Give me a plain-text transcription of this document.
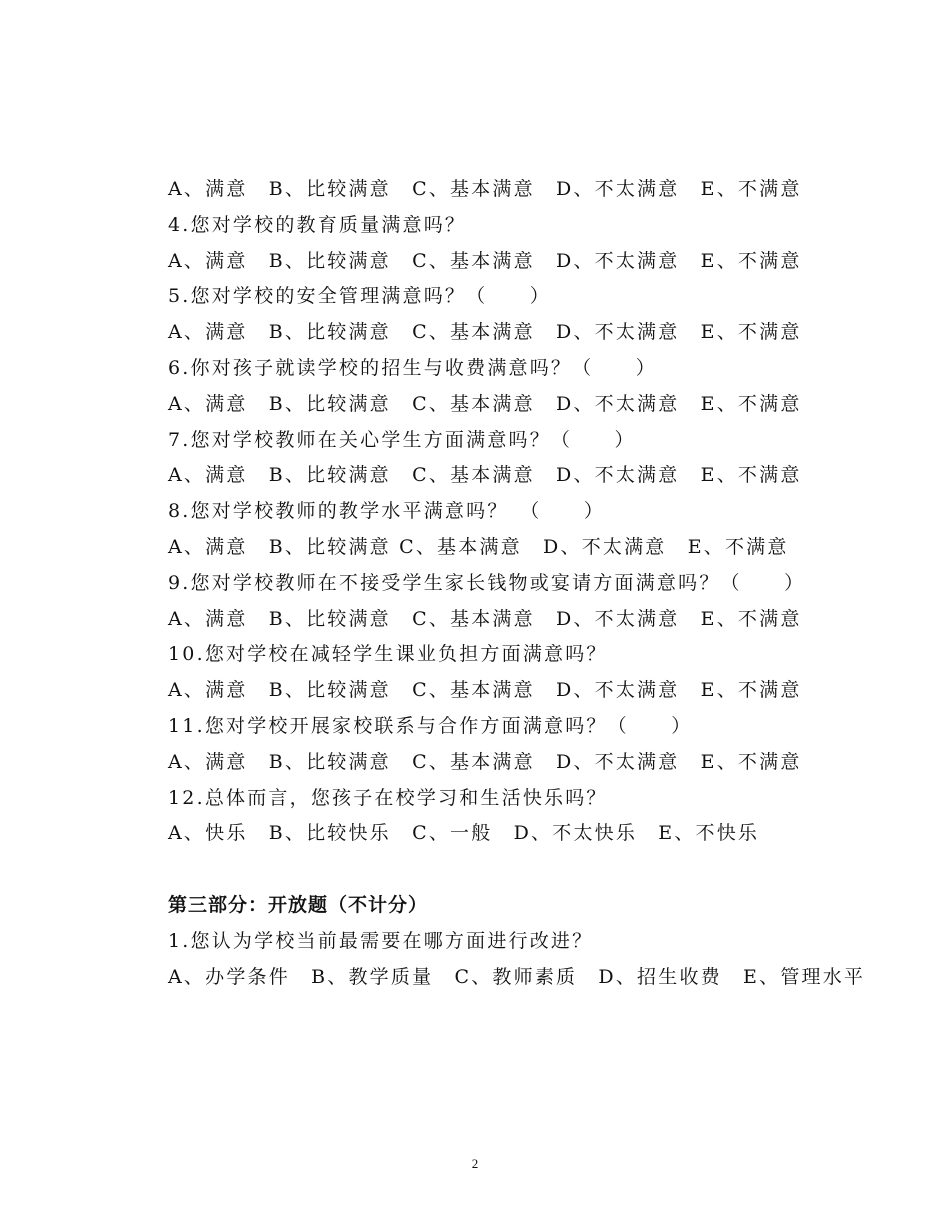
A、满意　B、比较满意　C、基本满意　D、不太满意　E、不满意
4.您对学校的教育质量满意吗？
A、满意　B、比较满意　C、基本满意　D、不太满意　E、不满意
5.您对学校的安全管理满意吗？（　　）
A、满意　B、比较满意　C、基本满意　D、不太满意　E、不满意
6.你对孩子就读学校的招生与收费满意吗？（　　）
A、满意　B、比较满意　C、基本满意　D、不太满意　E、不满意
7.您对学校教师在关心学生方面满意吗？（　　）
A、满意　B、比较满意　C、基本满意　D、不太满意　E、不满意
8.您对学校教师的教学水平满意吗？　（　　）
A、满意　B、比较满意 C、基本满意　D、不太满意　E、不满意
9.您对学校教师在不接受学生家长钱物或宴请方面满意吗？（　　）
A、满意　B、比较满意　C、基本满意　D、不太满意　E、不满意
10.您对学校在减轻学生课业负担方面满意吗？
A、满意　B、比较满意　C、基本满意　D、不太满意　E、不满意
11.您对学校开展家校联系与合作方面满意吗？（　　）
A、满意　B、比较满意　C、基本满意　D、不太满意　E、不满意
12.总体而言，您孩子在校学习和生活快乐吗？
A、快乐　B、比较快乐　C、一般　D、不太快乐　E、不快乐
第三部分：开放题（不计分）
1.您认为学校当前最需要在哪方面进行改进？
A、办学条件　B、教学质量　C、教师素质　D、招生收费　E、管理水平
2
